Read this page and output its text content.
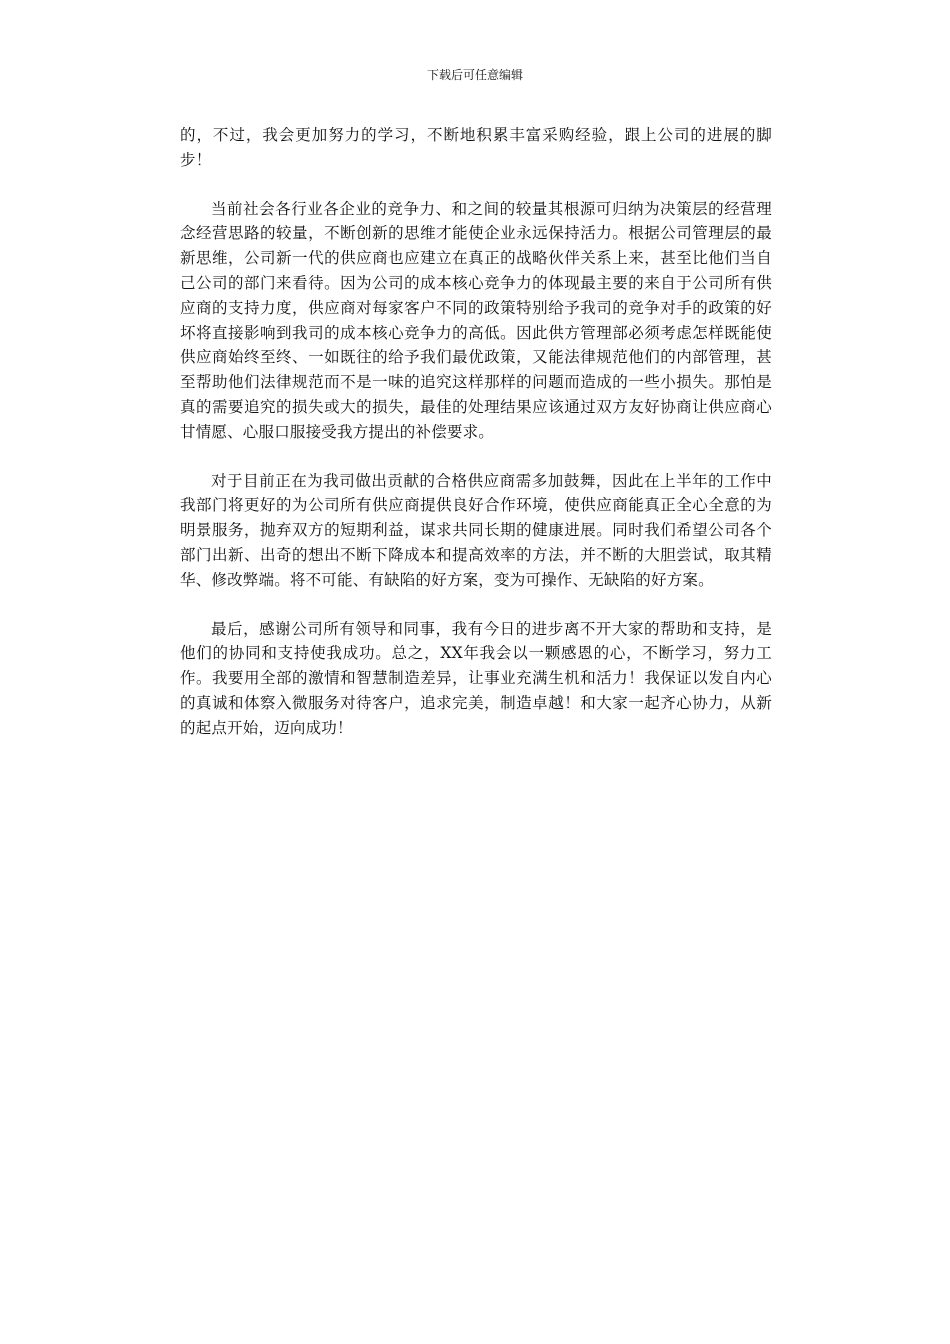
下载后可任意编辑

的，不过，我会更加努力的学习，不断地积累丰富采购经验，跟上公司的进展的脚步！

当前社会各行业各企业的竞争力、和之间的较量其根源可归纳为决策层的经营理念经营思路的较量，不断创新的思维才能使企业永远保持活力。根据公司管理层的最新思维，公司新一代的供应商也应建立在真正的战略伙伴关系上来，甚至比他们当自己公司的部门来看待。因为公司的成本核心竞争力的体现最主要的来自于公司所有供应商的支持力度，供应商对每家客户不同的政策特别给予我司的竞争对手的政策的好坏将直接影响到我司的成本核心竞争力的高低。因此供方管理部必须考虑怎样既能使供应商始终至终、一如既往的给予我们最优政策，又能法律规范他们的内部管理，甚至帮助他们法律规范而不是一味的追究这样那样的问题而造成的一些小损失。那怕是真的需要追究的损失或大的损失，最佳的处理结果应该通过双方友好协商让供应商心甘情愿、心服口服接受我方提出的补偿要求。

对于目前正在为我司做出贡献的合格供应商需多加鼓舞，因此在上半年的工作中我部门将更好的为公司所有供应商提供良好合作环境，使供应商能真正全心全意的为明景服务，抛弃双方的短期利益，谋求共同长期的健康进展。同时我们希望公司各个部门出新、出奇的想出不断下降成本和提高效率的方法，并不断的大胆尝试，取其精华、修改弊端。将不可能、有缺陷的好方案，变为可操作、无缺陷的好方案。

最后，感谢公司所有领导和同事，我有今日的进步离不开大家的帮助和支持，是他们的协同和支持使我成功。总之，XX年我会以一颗感恩的心，不断学习，努力工作。我要用全部的激情和智慧制造差异，让事业充满生机和活力！我保证以发自内心的真诚和体察入微服务对待客户，追求完美，制造卓越！和大家一起齐心协力，从新的起点开始，迈向成功！
